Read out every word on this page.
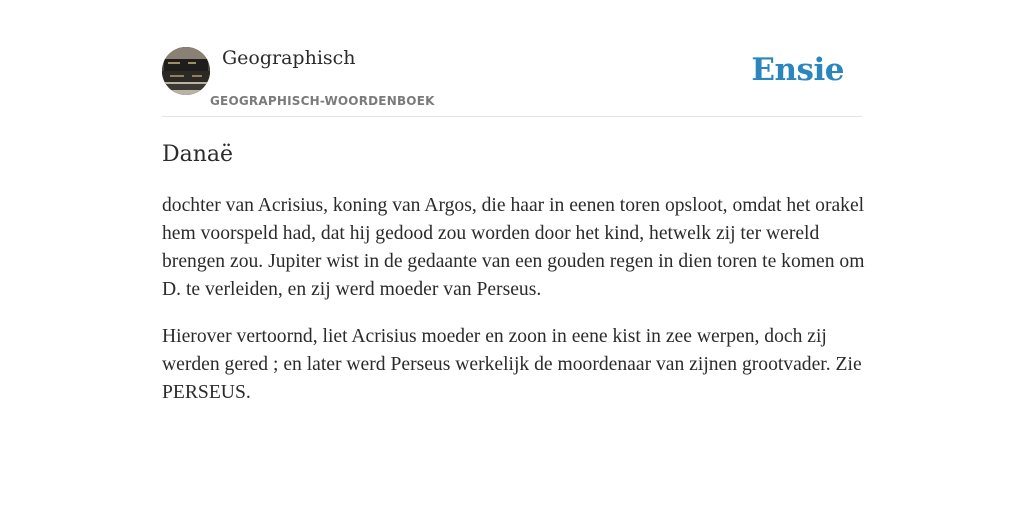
Geographisch
GEOGRAPHISCH-WOORDENBOEK
Ensie
Danaë

dochter van Acrisius, koning van Argos, die haar in eenen toren opsloot, omdat het orakel hem voorspeld had, dat hij gedood zou worden door het kind, hetwelk zij ter wereld brengen zou. Jupiter wist in de gedaante van een gouden regen in dien toren te komen om D. te verleiden, en zij werd moeder van Perseus.

Hierover vertoornd, liet Acrisius moeder en zoon in eene kist in zee werpen, doch zij werden gered ; en later werd Perseus werkelijk de moordenaar van zijnen grootvader. Zie PERSEUS.
